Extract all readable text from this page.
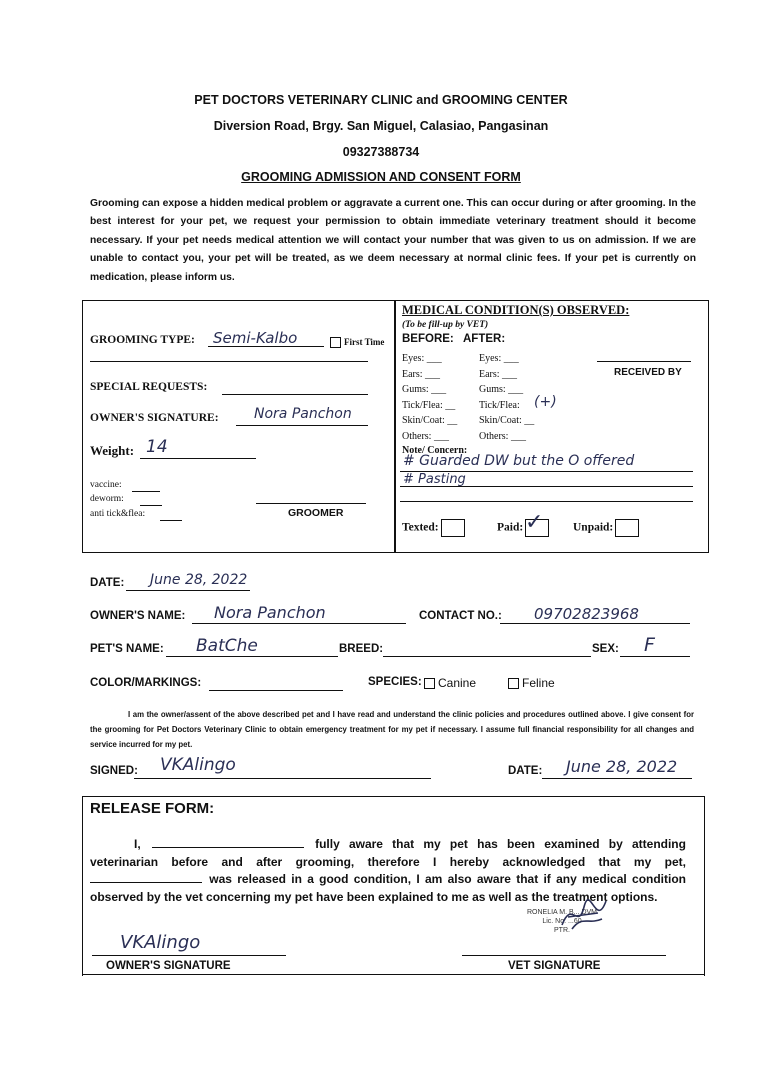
PET DOCTORS VETERINARY CLINIC and GROOMING CENTER
Diversion Road, Brgy. San Miguel, Calasiao, Pangasinan
09327388734
GROOMING ADMISSION AND CONSENT FORM
Grooming can expose a hidden medical problem or aggravate a current one. This can occur during or after grooming. In the best interest for your pet, we request your permission to obtain immediate veterinary treatment should it become necessary. If your pet needs medical attention we will contact your number that was given to us on admission. If we are unable to contact you, your pet will be treated, as we deem necessary at normal clinic fees. If your pet is currently on medication, please inform us.
GROOMING TYPE: Semi-Kalbo	First Time
SPECIAL REQUESTS:
OWNER'S SIGNATURE:	Nora Panchon
Weight: 14
vaccine:
deworm:
anti tick&flea:	GROOMER
MEDICAL CONDITION(S) OBSERVED:
(To be fill-up by VET)
BEFORE: AFTER:
Eyes: ___
Ears: ___
Gums: ___
Tick/Flea: __
Skin/Coat: __
Others: ___
Eyes: ___
Ears: ___
Gums: ___
Tick/Flea:
Skin/Coat: __
Others: ___
(+)
RECEIVED BY
Note/ Concern:
# Guarded DW but the O offered
# Pasting
Texted:	Paid: ✓	Unpaid:
DATE: June 28, 2022
OWNER'S NAME: Nora Panchon	CONTACT NO.: 09702823968
PET'S NAME: BatChe	BREED:	SEX: F
COLOR/MARKINGS:	SPECIES:	Canine	Feline
I am the owner/assent of the above described pet and I have read and understand the clinic policies and procedures outlined above. I give consent for the grooming for Pet Doctors Veterinary Clinic to obtain emergency treatment for my pet if necessary. I assume full financial responsibility for all changes and service incurred for my pet.
SIGNED: VKAlingo	DATE: June 28, 2022
RELEASE FORM:
I,	fully aware that my pet has been examined by attending veterinarian before and after grooming, therefore I hereby acknowledged that my pet,  was released in a good condition, I am also aware that if any medical condition observed by the vet concerning my pet have been explained to me as well as the treatment options.
RONELIA M. B... DVM
Lic. No. ...60
PTR.
VKAlingo
OWNER'S SIGNATURE	VET SIGNATURE
